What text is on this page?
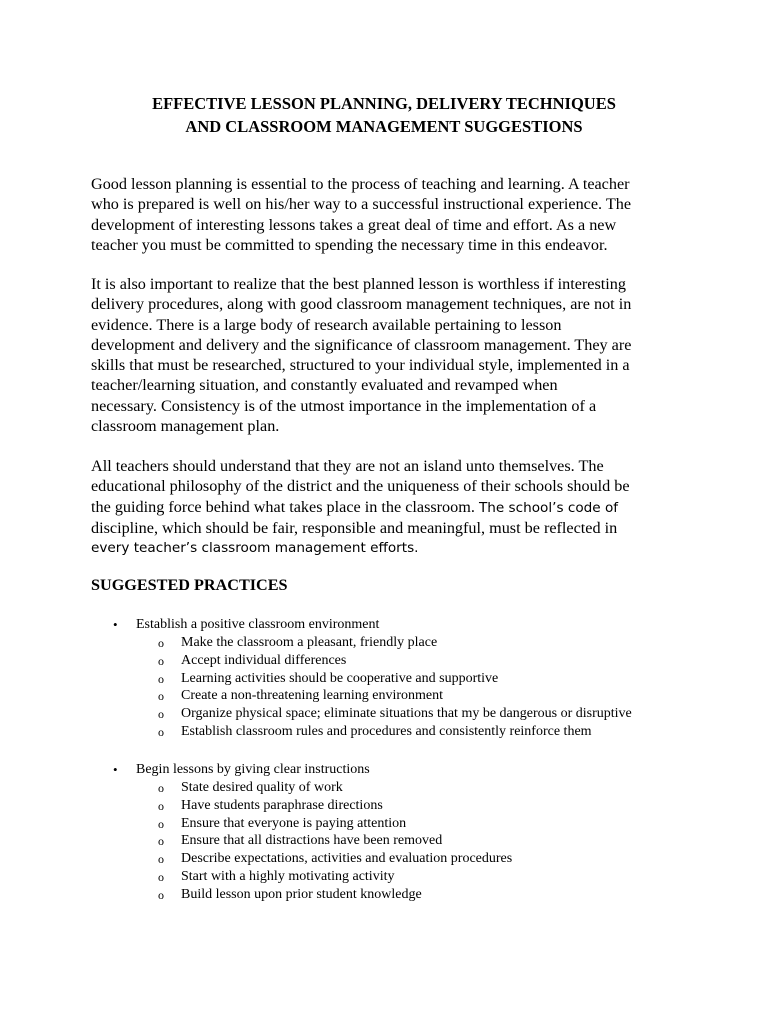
EFFECTIVE LESSON PLANNING, DELIVERY TECHNIQUES
AND CLASSROOM MANAGEMENT SUGGESTIONS
Good lesson planning is essential to the process of teaching and learning. A teacher
who is prepared is well on his/her way to a successful instructional experience. The
development of interesting lessons takes a great deal of time and effort. As a new
teacher you must be committed to spending the necessary time in this endeavor.
It is also important to realize that the best planned lesson is worthless if interesting
delivery procedures, along with good classroom management techniques, are not in
evidence. There is a large body of research available pertaining to lesson
development and delivery and the significance of classroom management. They are
skills that must be researched, structured to your individual style, implemented in a
teacher/learning situation, and constantly evaluated and revamped when
necessary. Consistency is of the utmost importance in the implementation of a
classroom management plan.
All teachers should understand that they are not an island unto themselves. The
educational philosophy of the district and the uniqueness of their schools should be
the guiding force behind what takes place in the classroom. The school’s code of
discipline, which should be fair, responsible and meaningful, must be reflected in
every teacher’s classroom management efforts.
SUGGESTED PRACTICES
• Establish a positive classroom environment
o Make the classroom a pleasant, friendly place
o Accept individual differences
o Learning activities should be cooperative and supportive
o Create a non-threatening learning environment
o Organize physical space; eliminate situations that my be dangerous or disruptive
o Establish classroom rules and procedures and consistently reinforce them
• Begin lessons by giving clear instructions
o State desired quality of work
o Have students paraphrase directions
o Ensure that everyone is paying attention
o Ensure that all distractions have been removed
o Describe expectations, activities and evaluation procedures
o Start with a highly motivating activity
o Build lesson upon prior student knowledge
